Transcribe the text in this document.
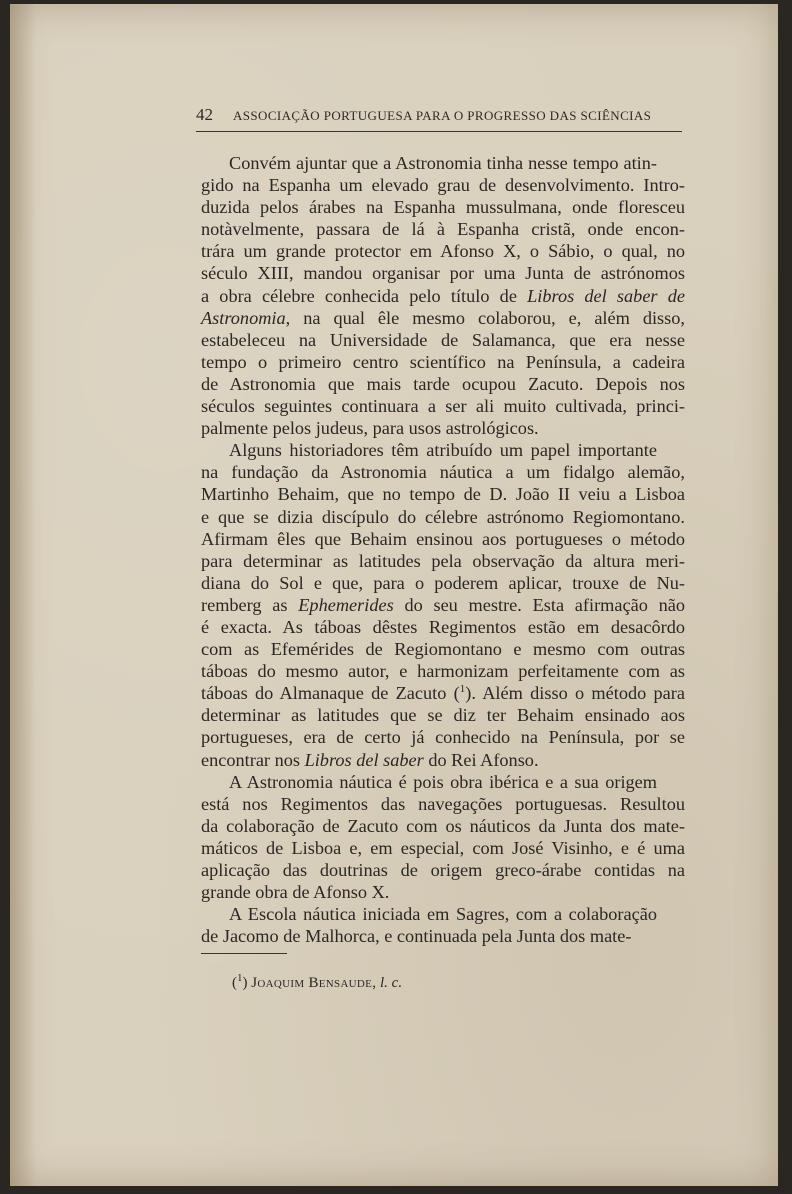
42 ASSOCIAÇÃO PORTUGUESA PARA O PROGRESSO DAS SCIÊNCIAS

Convém ajuntar que a Astronomia tinha nesse tempo atin-
gido na Espanha um elevado grau de desenvolvimento. Intro-
duzida pelos árabes na Espanha mussulmana, onde floresceu
notàvelmente, passara de lá à Espanha cristã, onde encon-
trára um grande protector em Afonso X, o Sábio, o qual, no
século XIII, mandou organisar por uma Junta de astrónomos
a obra célebre conhecida pelo título de Libros del saber de
Astronomia, na qual êle mesmo colaborou, e, além disso,
estabeleceu na Universidade de Salamanca, que era nesse
tempo o primeiro centro scientífico na Península, a cadeira
de Astronomia que mais tarde ocupou Zacuto. Depois nos
séculos seguintes continuara a ser ali muito cultivada, princi-
palmente pelos judeus, para usos astrológicos.

Alguns historiadores têm atribuído um papel importante
na fundação da Astronomia náutica a um fidalgo alemão,
Martinho Behaim, que no tempo de D. João II veiu a Lisboa
e que se dizia discípulo do célebre astrónomo Regiomontano.
Afirmam êles que Behaim ensinou aos portugueses o método
para determinar as latitudes pela observação da altura meri-
diana do Sol e que, para o poderem aplicar, trouxe de Nu-
remberg as Ephemerides do seu mestre. Esta afirmação não
é exacta. As táboas dêstes Regimentos estão em desacôrdo
com as Efemérides de Regiomontano e mesmo com outras
táboas do mesmo autor, e harmonizam perfeitamente com as
táboas do Almanaque de Zacuto ($^1$). Além disso o método para
determinar as latitudes que se diz ter Behaim ensinado aos
portugueses, era de certo já conhecido na Península, por se
encontrar nos Libros del saber do Rei Afonso.

A Astronomia náutica é pois obra ibérica e a sua origem
está nos Regimentos das navegações portuguesas. Resultou
da colaboração de Zacuto com os náuticos da Junta dos mate-
máticos de Lisboa e, em especial, com José Visinho, e é uma
aplicação das doutrinas de origem greco-árabe contidas na
grande obra de Afonso X.

A Escola náutica iniciada em Sagres, com a colaboração
de Jacomo de Malhorca, e continuada pela Junta dos mate-

($^1$) Joaquim Bensaude, l. c.
